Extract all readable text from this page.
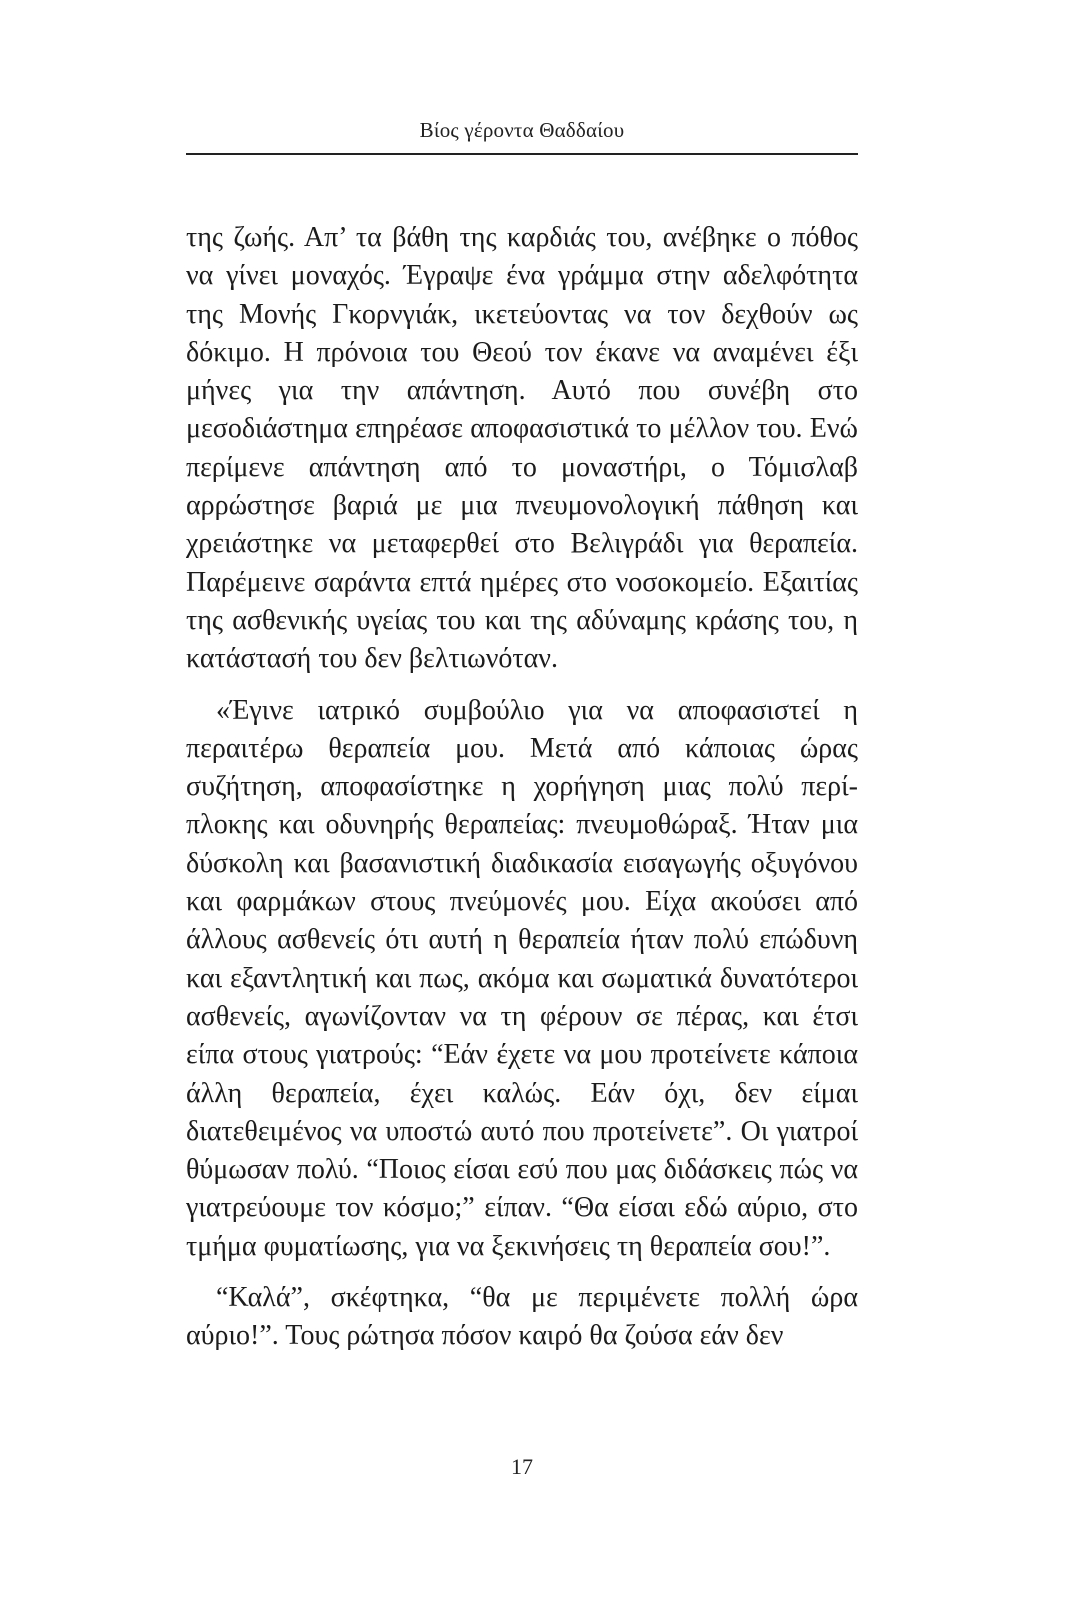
Βίος γέροντα Θαδδαίου

της ζωής. Απ’ τα βάθη της καρδιάς του, ανέβηκε ο πόθος να γίνει μοναχός. Έγραψε ένα γράμμα στην αδελφότητα της Μονής Γκορνγιάκ, ικετεύοντας να τον δεχθούν ως δόκιμο. Η πρόνοια του Θεού τον έκανε να αναμένει έξι μήνες για την απάντηση. Αυτό που συνέβη στο μεσοδιάστημα επηρέασε αποφασιστικά το μέλλον του. Ενώ περίμενε απάντηση από το μοναστήρι, ο Τόμισλαβ αρρώστησε βαριά με μια πνευμονολογική πάθηση και χρειάστηκε να μεταφερθεί στο Βελιγράδι για θεραπεία. Παρέμεινε σαράντα επτά ημέρες στο νοσοκομείο. Εξαιτίας της ασθενικής υγείας του και της αδύναμης κράσης του, η κατάστασή του δεν βελτιωνόταν.

«Έγινε ιατρικό συμβούλιο για να αποφασιστεί η περαιτέρω θεραπεία μου. Μετά από κάποιας ώρας συζήτηση, αποφασίστηκε η χορήγηση μιας πολύ περίπλοκης και οδυνηρής θεραπείας: πνευμοθώραξ. Ήταν μια δύσκολη και βασανιστική διαδικασία εισαγωγής οξυγόνου και φαρμάκων στους πνεύμονές μου. Είχα ακούσει από άλλους ασθενείς ότι αυτή η θεραπεία ήταν πολύ επώδυνη και εξαντλητική και πως, ακόμα και σωματικά δυνατότεροι ασθενείς, αγωνίζονταν να τη φέρουν σε πέρας, και έτσι είπα στους γιατρούς: “Εάν έχετε να μου προτείνετε κάποια άλλη θεραπεία, έχει καλώς. Εάν όχι, δεν είμαι διατεθειμένος να υποστώ αυτό που προτείνετε”. Οι γιατροί θύμωσαν πολύ. “Ποιος είσαι εσύ που μας διδάσκεις πώς να γιατρεύουμε τον κόσμο;” είπαν. “Θα είσαι εδώ αύριο, στο τμήμα φυματίωσης, για να ξεκινήσεις τη θεραπεία σου!”.

“Καλά”, σκέφτηκα, “θα με περιμένετε πολλή ώρα αύριο!”. Τους ρώτησα πόσον καιρό θα ζούσα εάν δεν

17
